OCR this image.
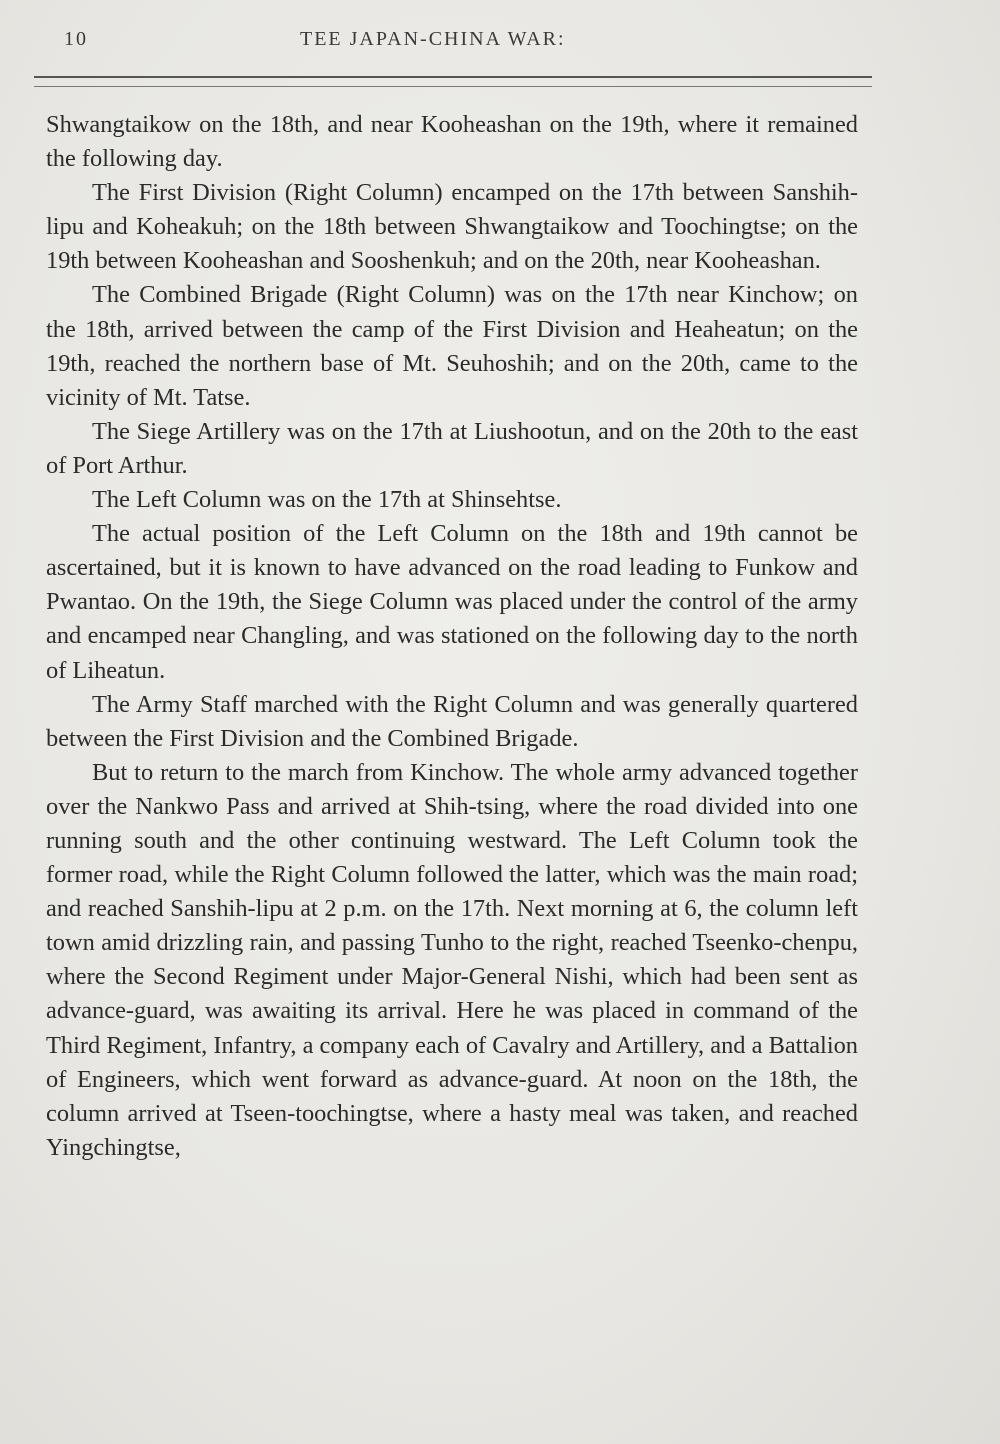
10	TEE JAPAN-CHINA WAR:

Shwangtaikow on the 18th, and near Kooheashan on the 19th, where it remained the following day.

The First Division (Right Column) encamped on the 17th between Sanshih-lipu and Koheakuh; on the 18th between Shwangtaikow and Toochingtse; on the 19th between Kooheashan and Sooshenkuh; and on the 20th, near Kooheashan.

The Combined Brigade (Right Column) was on the 17th near Kinchow; on the 18th, arrived between the camp of the First Division and Heaheatun; on the 19th, reached the northern base of Mt. Seuhoshih; and on the 20th, came to the vicinity of Mt. Tatse.

The Siege Artillery was on the 17th at Liushootun, and on the 20th to the east of Port Arthur.

The Left Column was on the 17th at Shinsehtse.

The actual position of the Left Column on the 18th and 19th cannot be ascertained, but it is known to have advanced on the road leading to Funkow and Pwantao. On the 19th, the Siege Column was placed under the control of the army and encamped near Changling, and was stationed on the following day to the north of Liheatun.

The Army Staff marched with the Right Column and was generally quartered between the First Division and the Combined Brigade.

But to return to the march from Kinchow. The whole army advanced together over the Nankwo Pass and arrived at Shih-tsing, where the road divided into one running south and the other continuing westward. The Left Column took the former road, while the Right Column followed the latter, which was the main road; and reached Sanshih-lipu at 2 p.m. on the 17th. Next morning at 6, the column left town amid drizzling rain, and passing Tunho to the right, reached Tseenko-chenpu, where the Second Regiment under Major-General Nishi, which had been sent as advance-guard, was awaiting its arrival. Here he was placed in command of the Third Regiment, Infantry, a company each of Cavalry and Artillery, and a Battalion of Engineers, which went forward as advance-guard. At noon on the 18th, the column arrived at Tseen-toochingtse, where a hasty meal was taken, and reached Yingchingtse,
